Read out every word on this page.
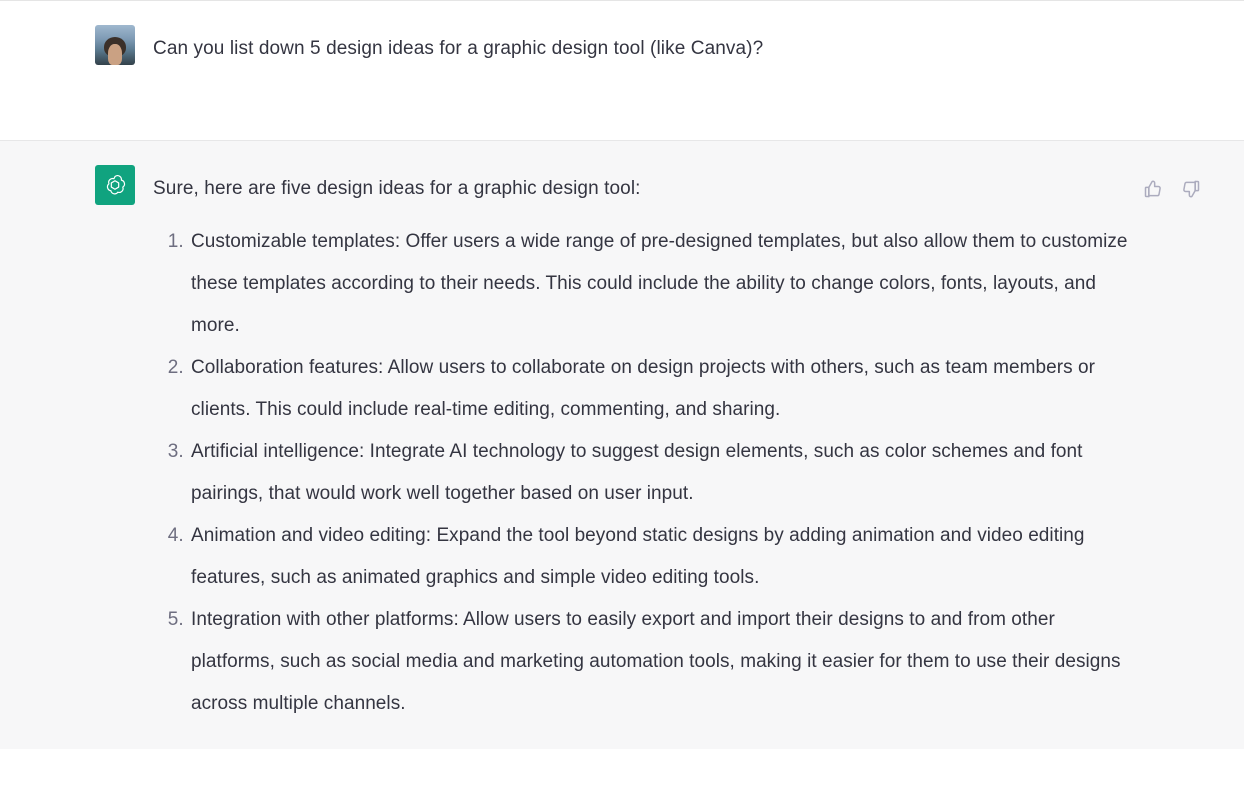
Can you list down 5 design ideas for a graphic design tool (like Canva)?

Sure, here are five design ideas for a graphic design tool:

1. Customizable templates: Offer users a wide range of pre-designed templates, but also allow them to customize these templates according to their needs. This could include the ability to change colors, fonts, layouts, and more.
2. Collaboration features: Allow users to collaborate on design projects with others, such as team members or clients. This could include real-time editing, commenting, and sharing.
3. Artificial intelligence: Integrate AI technology to suggest design elements, such as color schemes and font pairings, that would work well together based on user input.
4. Animation and video editing: Expand the tool beyond static designs by adding animation and video editing features, such as animated graphics and simple video editing tools.
5. Integration with other platforms: Allow users to easily export and import their designs to and from other platforms, such as social media and marketing automation tools, making it easier for them to use their designs across multiple channels.
